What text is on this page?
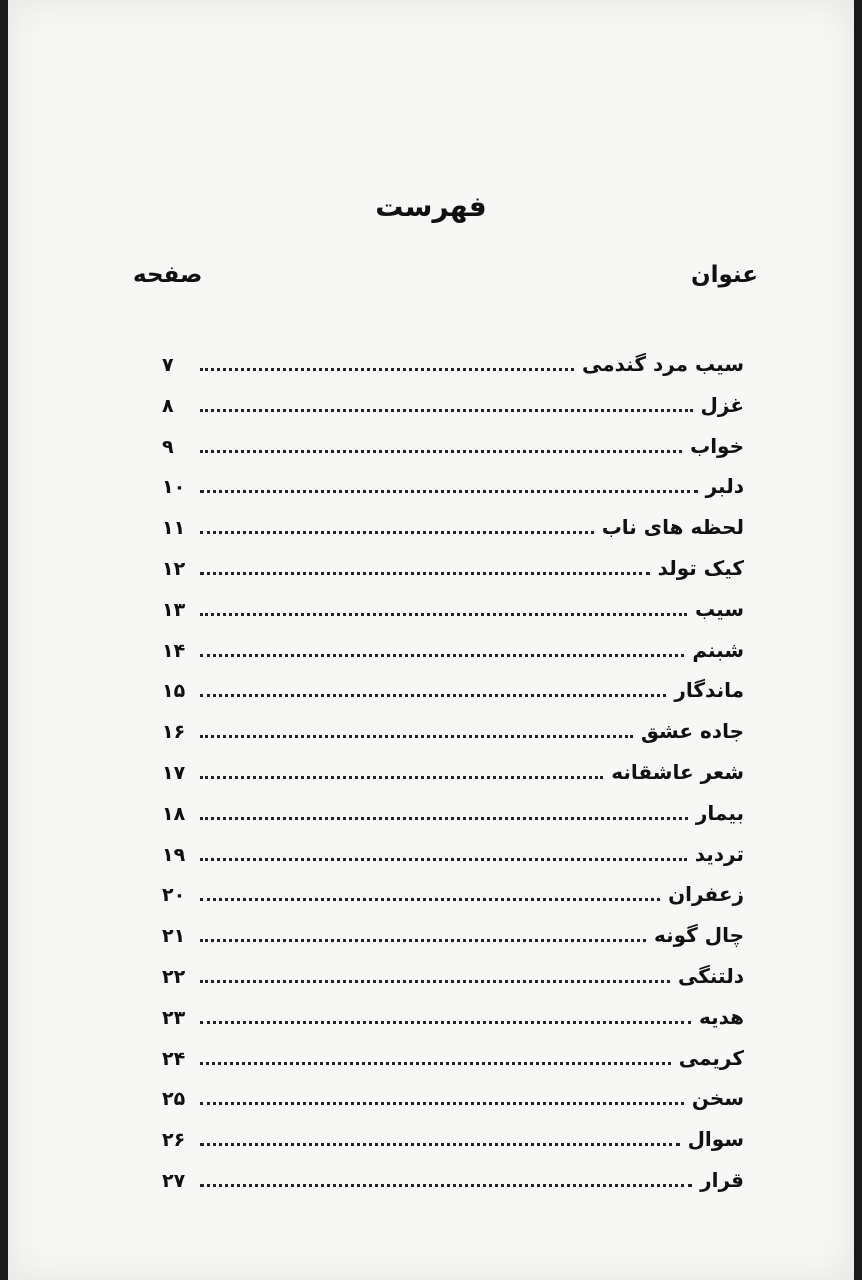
فهرست
عنوان
صفحه
سیب مرد گندمی
۷
غزل
۸
خواب
۹
دلبر
۱۰
لحظه های ناب
۱۱
کیک تولد
۱۲
سیب
۱۳
شبنم
۱۴
ماندگار
۱۵
جاده عشق
۱۶
شعر عاشقانه
۱۷
بیمار
۱۸
تردید
۱۹
زعفران
۲۰
چال گونه
۲۱
دلتنگی
۲۲
هدیه
۲۳
کریمی
۲۴
سخن
۲۵
سوال
۲۶
قرار
۲۷
